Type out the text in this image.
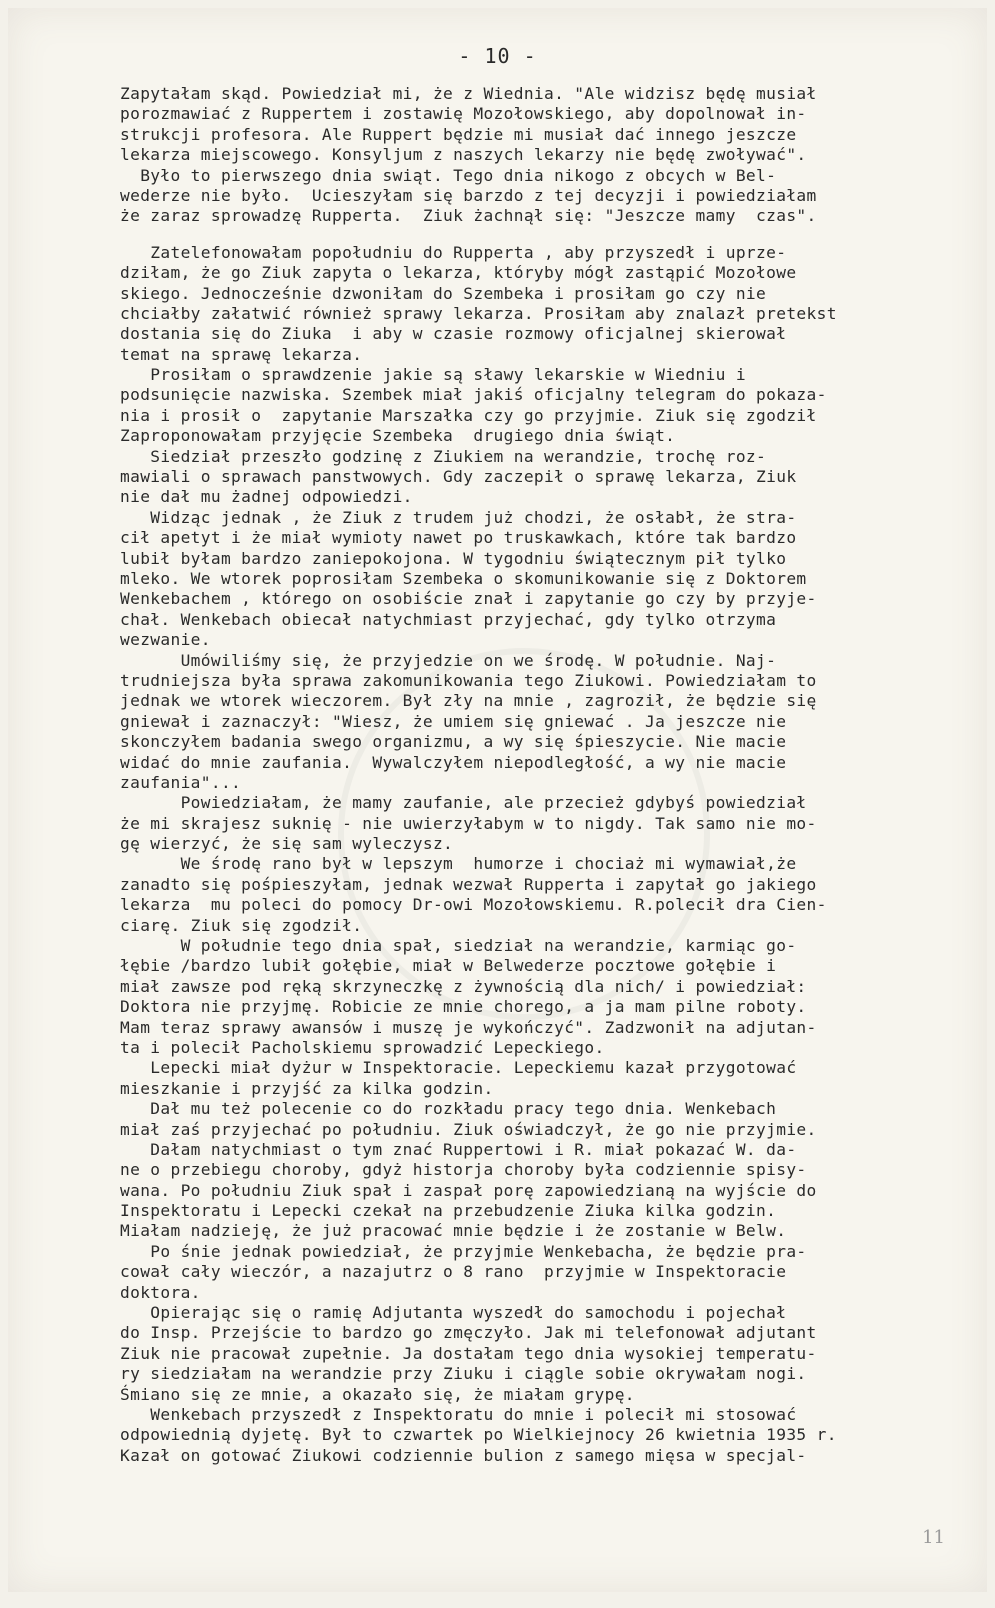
- 10 -
Zapytałam skąd. Powiedział mi, że z Wiednia. "Ale widzisz będę musiał
porozmawiać z Ruppertem i zostawię Mozołowskiego, aby dopolnował in-
strukcji profesora. Ale Ruppert będzie mi musiał dać innego jeszcze
lekarza miejscowego. Konsyljum z naszych lekarzy nie będę zwoływać".
Było to pierwszego dnia swiąt. Tego dnia nikogo z obcych w Bel-
wederze nie było.  Ucieszyłam się barzdo z tej decyzji i powiedziałam
że zaraz sprowadzę Rupperta.  Ziuk żachnął się: "Jeszcze mamy  czas".
Zatelefonowałam popołudniu do Rupperta , aby przyszedł i uprze-
dziłam, że go Ziuk zapyta o lekarza, któryby mógł zastąpić Mozołowe
skiego. Jednocześnie dzwoniłam do Szembeka i prosiłam go czy nie
chciałby załatwić również sprawy lekarza. Prosiłam aby znalazł pretekst
dostania się do Ziuka  i aby w czasie rozmowy oficjalnej skierował
temat na sprawę lekarza.
Prosiłam o sprawdzenie jakie są sławy lekarskie w Wiedniu i
podsunięcie nazwiska. Szembek miał jakiś oficjalny telegram do pokaza-
nia i prosił o  zapytanie Marszałka czy go przyjmie. Ziuk się zgodził
Zaproponowałam przyjęcie Szembeka  drugiego dnia świąt.
Siedział przeszło godzinę z Ziukiem na werandzie, trochę roz-
mawiali o sprawach panstwowych. Gdy zaczepił o sprawę lekarza, Ziuk
nie dał mu żadnej odpowiedzi.
Widząc jednak , że Ziuk z trudem już chodzi, że osłabł, że stra-
cił apetyt i że miał wymioty nawet po truskawkach, które tak bardzo
lubił byłam bardzo zaniepokojona. W tygodniu świątecznym pił tylko
mleko. We wtorek poprosiłam Szembeka o skomunikowanie się z Doktorem
Wenkebachem , którego on osobiście znał i zapytanie go czy by przyje-
chał. Wenkebach obiecał natychmiast przyjechać, gdy tylko otrzyma
wezwanie.
Umówiliśmy się, że przyjedzie on we środę. W południe. Naj-
trudniejsza była sprawa zakomunikowania tego Ziukowi. Powiedziałam to
jednak we wtorek wieczorem. Był zły na mnie , zagroził, że będzie się
gniewał i zaznaczył: "Wiesz, że umiem się gniewać . Ja jeszcze nie
skonczyłem badania swego organizmu, a wy się śpieszycie. Nie macie
widać do mnie zaufania.  Wywalczyłem niepodległość, a wy nie macie
zaufania"...
Powiedziałam, że mamy zaufanie, ale przecież gdybyś powiedział
że mi skrajesz suknię - nie uwierzyłabym w to nigdy. Tak samo nie mo-
gę wierzyć, że się sam wyleczysz.
We środę rano był w lepszym  humorze i chociaż mi wymawiał,że
zanadto się pośpieszyłam, jednak wezwał Rupperta i zapytał go jakiego
lekarza  mu poleci do pomocy Dr-owi Mozołowskiemu. R.polecił dra Cien-
ciarę. Ziuk się zgodził.
W południe tego dnia spał, siedział na werandzie, karmiąc go-
łębie /bardzo lubił gołębie, miał w Belwederze pocztowe gołębie i
miał zawsze pod ręką skrzyneczkę z żywnością dla nich/ i powiedział:
Doktora nie przyjmę. Robicie ze mnie chorego, a ja mam pilne roboty.
Mam teraz sprawy awansów i muszę je wykończyć". Zadzwonił na adjutan-
ta i polecił Pacholskiemu sprowadzić Lepeckiego.
Lepecki miał dyżur w Inspektoracie. Lepeckiemu kazał przygotować
mieszkanie i przyjść za kilka godzin.
Dał mu też polecenie co do rozkładu pracy tego dnia. Wenkebach
miał zaś przyjechać po południu. Ziuk oświadczył, że go nie przyjmie.
Dałam natychmiast o tym znać Ruppertowi i R. miał pokazać W. da-
ne o przebiegu choroby, gdyż historja choroby była codziennie spisy-
wana. Po południu Ziuk spał i zaspał porę zapowiedzianą na wyjście do
Inspektoratu i Lepecki czekał na przebudzenie Ziuka kilka godzin.
Miałam nadzieję, że już pracować mnie będzie i że zostanie w Belw.
Po śnie jednak powiedział, że przyjmie Wenkebacha, że będzie pra-
cował cały wieczór, a nazajutrz o 8 rano  przyjmie w Inspektoracie
doktora.
Opierając się o ramię Adjutanta wyszedł do samochodu i pojechał
do Insp. Przejście to bardzo go zmęczyło. Jak mi telefonował adjutant
Ziuk nie pracował zupełnie. Ja dostałam tego dnia wysokiej temperatu-
ry siedziałam na werandzie przy Ziuku i ciągle sobie okrywałam nogi.
Śmiano się ze mnie, a okazało się, że miałam grypę.
Wenkebach przyszedł z Inspektoratu do mnie i polecił mi stosować
odpowiednią dyjetę. Był to czwartek po Wielkiejnocy 26 kwietnia 1935 r.
Kazał on gotować Ziukowi codziennie bulion z samego mięsa w specjal-
11
